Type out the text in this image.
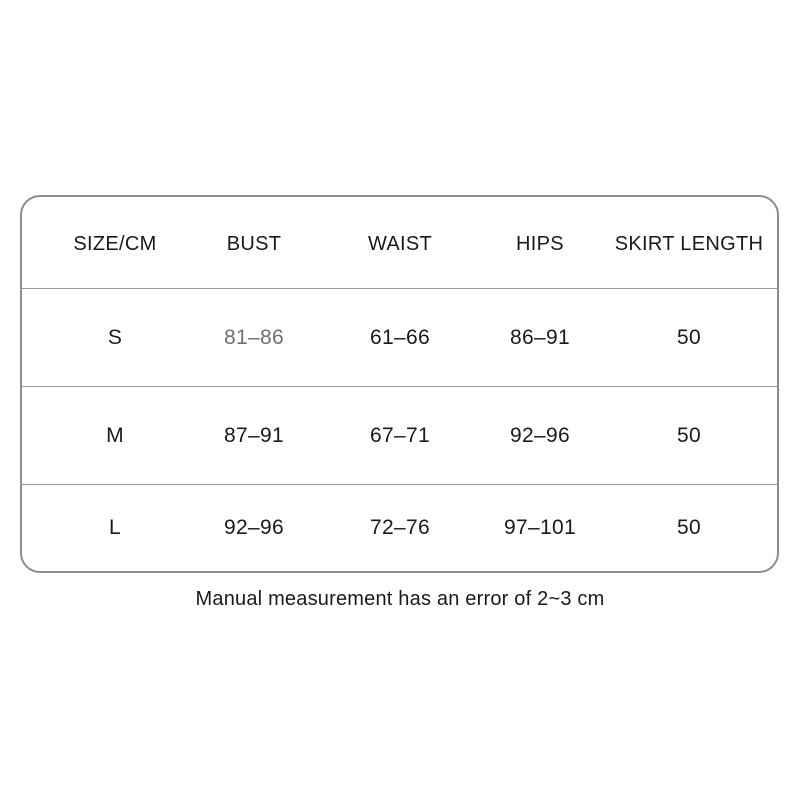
SIZE/CM	BUST	WAIST	HIPS	SKIRT LENGTH
S	81–86	61–66	86–91	50
M	87–91	67–71	92–96	50
L	92–96	72–76	97–101	50
Manual measurement has an error of 2~3 cm
